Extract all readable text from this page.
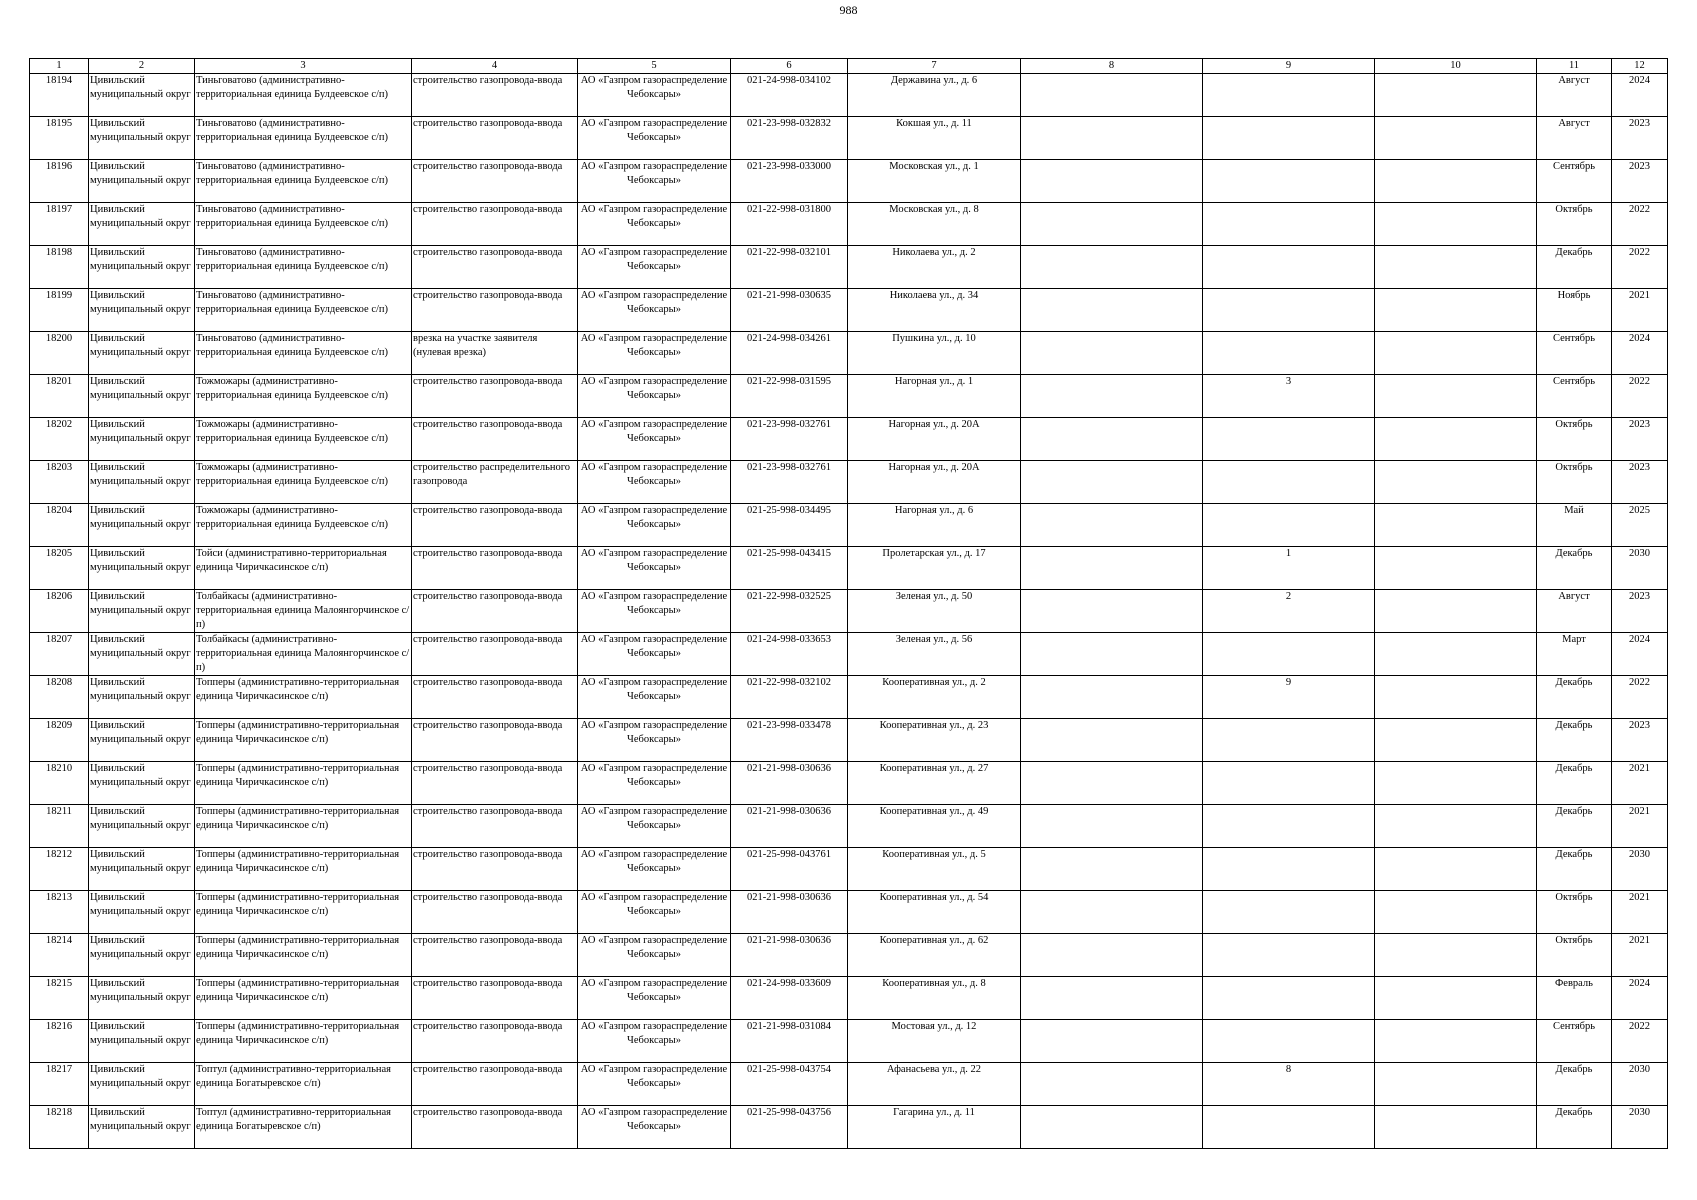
988
1	2	3	4	5	6	7	8	9	10	11	12

18194	Цивильский муниципальный округ	Тиньговатово (административно-территориальная единица Булдеевское с/п)	строительство газопровода-ввода	АО «Газпром газораспределение Чебоксары»	021-24-998-034102	Державина ул., д. 6				Август	2024

18195	Цивильский муниципальный округ	Тиньговатово (административно-территориальная единица Булдеевское с/п)	строительство газопровода-ввода	АО «Газпром газораспределение Чебоксары»	021-23-998-032832	Кокшая ул., д. 11				Август	2023

18196	Цивильский муниципальный округ	Тиньговатово (административно-территориальная единица Булдеевское с/п)	строительство газопровода-ввода	АО «Газпром газораспределение Чебоксары»	021-23-998-033000	Московская ул., д. 1				Сентябрь	2023

18197	Цивильский муниципальный округ	Тиньговатово (административно-территориальная единица Булдеевское с/п)	строительство газопровода-ввода	АО «Газпром газораспределение Чебоксары»	021-22-998-031800	Московская ул., д. 8				Октябрь	2022

18198	Цивильский муниципальный округ	Тиньговатово (административно-территориальная единица Булдеевское с/п)	строительство газопровода-ввода	АО «Газпром газораспределение Чебоксары»	021-22-998-032101	Николаева ул., д. 2				Декабрь	2022

18199	Цивильский муниципальный округ	Тиньговатово (административно-территориальная единица Булдеевское с/п)	строительство газопровода-ввода	АО «Газпром газораспределение Чебоксары»	021-21-998-030635	Николаева ул., д. 34				Ноябрь	2021

18200	Цивильский муниципальный округ	Тиньговатово (административно-территориальная единица Булдеевское с/п)	врезка на участке заявителя (нулевая врезка)	АО «Газпром газораспределение Чебоксары»	021-24-998-034261	Пушкина ул., д. 10				Сентябрь	2024

18201	Цивильский муниципальный округ	Тожможары (административно-территориальная единица Булдеевское с/п)	строительство газопровода-ввода	АО «Газпром газораспределение Чебоксары»	021-22-998-031595	Нагорная ул., д. 1		3		Сентябрь	2022

18202	Цивильский муниципальный округ	Тожможары (административно-территориальная единица Булдеевское с/п)	строительство газопровода-ввода	АО «Газпром газораспределение Чебоксары»	021-23-998-032761	Нагорная ул., д. 20А				Октябрь	2023

18203	Цивильский муниципальный округ	Тожможары (административно-территориальная единица Булдеевское с/п)	строительство распределительного газопровода	АО «Газпром газораспределение Чебоксары»	021-23-998-032761	Нагорная ул., д. 20А				Октябрь	2023

18204	Цивильский муниципальный округ	Тожможары (административно-территориальная единица Булдеевское с/п)	строительство газопровода-ввода	АО «Газпром газораспределение Чебоксары»	021-25-998-034495	Нагорная ул., д. 6				Май	2025

18205	Цивильский муниципальный округ	Тойси (административно-территориальная единица Чиричкасинское с/п)	строительство газопровода-ввода	АО «Газпром газораспределение Чебоксары»	021-25-998-043415	Пролетарская ул., д. 17		1		Декабрь	2030

18206	Цивильский муниципальный округ	Толбайкасы (административно-территориальная единица Малоянгорчинское с/п)	строительство газопровода-ввода	АО «Газпром газораспределение Чебоксары»	021-22-998-032525	Зеленая ул., д. 50		2		Август	2023

18207	Цивильский муниципальный округ	Толбайкасы (административно-территориальная единица Малоянгорчинское с/п)	строительство газопровода-ввода	АО «Газпром газораспределение Чебоксары»	021-24-998-033653	Зеленая ул., д. 56				Март	2024

18208	Цивильский муниципальный округ	Топперы (административно-территориальная единица Чиричкасинское с/п)	строительство газопровода-ввода	АО «Газпром газораспределение Чебоксары»	021-22-998-032102	Кооперативная ул., д. 2		9		Декабрь	2022

18209	Цивильский муниципальный округ	Топперы (административно-территориальная единица Чиричкасинское с/п)	строительство газопровода-ввода	АО «Газпром газораспределение Чебоксары»	021-23-998-033478	Кооперативная ул., д. 23				Декабрь	2023

18210	Цивильский муниципальный округ	Топперы (административно-территориальная единица Чиричкасинское с/п)	строительство газопровода-ввода	АО «Газпром газораспределение Чебоксары»	021-21-998-030636	Кооперативная ул., д. 27				Декабрь	2021

18211	Цивильский муниципальный округ	Топперы (административно-территориальная единица Чиричкасинское с/п)	строительство газопровода-ввода	АО «Газпром газораспределение Чебоксары»	021-21-998-030636	Кооперативная ул., д. 49				Декабрь	2021

18212	Цивильский муниципальный округ	Топперы (административно-территориальная единица Чиричкасинское с/п)	строительство газопровода-ввода	АО «Газпром газораспределение Чебоксары»	021-25-998-043761	Кооперативная ул., д. 5				Декабрь	2030

18213	Цивильский муниципальный округ	Топперы (административно-территориальная единица Чиричкасинское с/п)	строительство газопровода-ввода	АО «Газпром газораспределение Чебоксары»	021-21-998-030636	Кооперативная ул., д. 54				Октябрь	2021

18214	Цивильский муниципальный округ	Топперы (административно-территориальная единица Чиричкасинское с/п)	строительство газопровода-ввода	АО «Газпром газораспределение Чебоксары»	021-21-998-030636	Кооперативная ул., д. 62				Октябрь	2021

18215	Цивильский муниципальный округ	Топперы (административно-территориальная единица Чиричкасинское с/п)	строительство газопровода-ввода	АО «Газпром газораспределение Чебоксары»	021-24-998-033609	Кооперативная ул., д. 8				Февраль	2024

18216	Цивильский муниципальный округ	Топперы (административно-территориальная единица Чиричкасинское с/п)	строительство газопровода-ввода	АО «Газпром газораспределение Чебоксары»	021-21-998-031084	Мостовая ул., д. 12				Сентябрь	2022

18217	Цивильский муниципальный округ	Топтул (административно-территориальная единица Богатыревское с/п)	строительство газопровода-ввода	АО «Газпром газораспределение Чебоксары»	021-25-998-043754	Афанасьева ул., д. 22		8		Декабрь	2030

18218	Цивильский муниципальный округ	Топтул (административно-территориальная единица Богатыревское с/п)	строительство газопровода-ввода	АО «Газпром газораспределение Чебоксары»	021-25-998-043756	Гагарина ул., д. 11				Декабрь	2030
